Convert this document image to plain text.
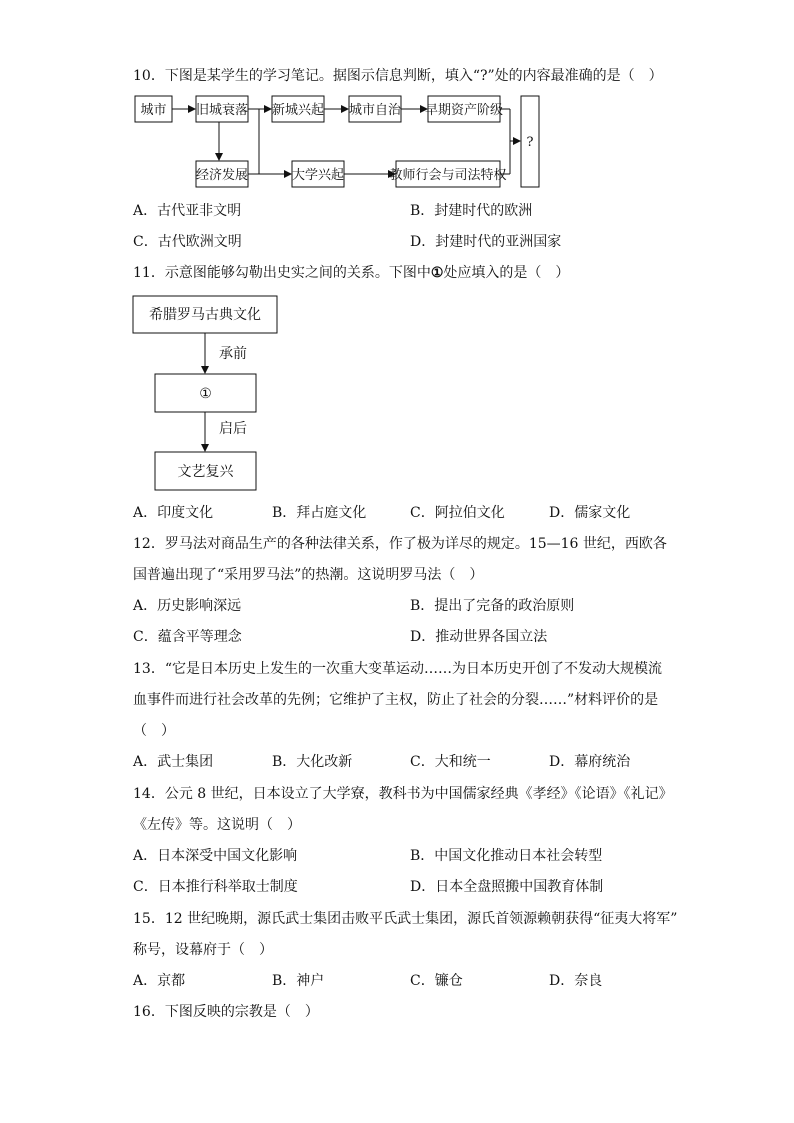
10．下图是某学生的学习笔记。据图示信息判断，填入“?”处的内容最准确的是（　）
城市 旧城衰落 新城兴起 城市自治 早期资产阶级
经济发展	大学兴起	教师行会与司法特权
?
A．古代亚非文明	B．封建时代的欧洲
C．古代欧洲文明	D．封建时代的亚洲国家
11．示意图能够勾勒出史实之间的关系。下图中①处应填入的是（　）
希腊罗马古典文化
承前
①
启后
文艺复兴
A．印度文化	B．拜占庭文化	C．阿拉伯文化	D．儒家文化
12．罗马法对商品生产的各种法律关系，作了极为详尽的规定。15—16 世纪，西欧各
国普遍出现了“采用罗马法”的热潮。这说明罗马法（　）
A．历史影响深远	B．提出了完备的政治原则
C．蕴含平等理念	D．推动世界各国立法
13．“它是日本历史上发生的一次重大变革运动……为日本历史开创了不发动大规模流
血事件而进行社会改革的先例；它维护了主权，防止了社会的分裂……”材料评价的是
（　）
A．武士集团	B．大化改新	C．大和统一	D．幕府统治
14．公元 8 世纪，日本设立了大学寮，教科书为中国儒家经典《孝经》《论语》《礼记》
《左传》等。这说明（　）
A．日本深受中国文化影响	B．中国文化推动日本社会转型
C．日本推行科举取士制度	D．日本全盘照搬中国教育体制
15．12 世纪晚期，源氏武士集团击败平氏武士集团，源氏首领源赖朝获得“征夷大将军”
称号，设幕府于（　）
A．京都	B．神户	C．镰仓	D．奈良
16．下图反映的宗教是（　）
